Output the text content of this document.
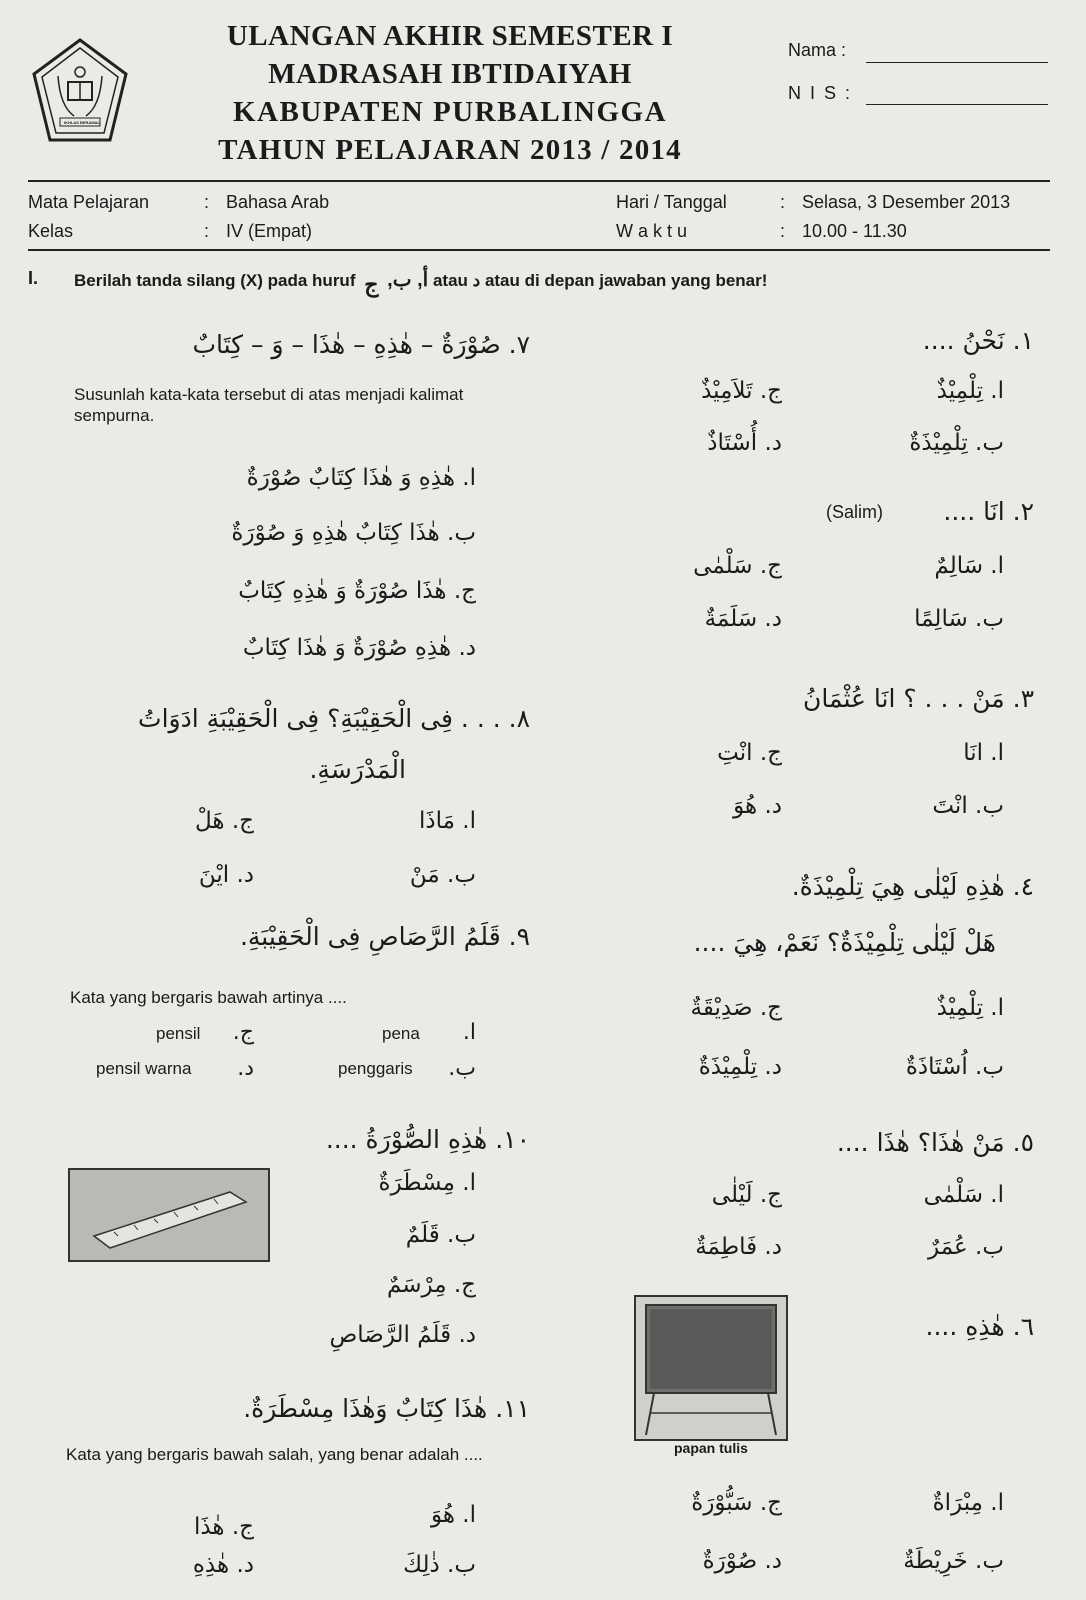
IKHLAS BERAMAL
ULANGAN AKHIR SEMESTER I
MADRASAH IBTIDAIYAH
KABUPATEN PURBALINGGA
TAHUN PELAJARAN 2013 / 2014
Nama :
N I S :
Mata Pelajaran	: Bahasa Arab
Kelas	: IV (Empat)
Hari / Tanggal	: Selasa, 3 Desember 2013
W a k t u	: 10.00 - 11.30
I. Berilah tanda silang (X) pada huruf أ, ب, ج	atau د atau di depan jawaban yang benar!
١. نَحْنُ ....
ا. تِلْمِيْذٌ
ج. تَلاَمِيْذٌ
ب. تِلْمِيْذَةٌ
د. أُسْتَاذٌ
٢. انَا ....
(Salim)
ا. سَالِمٌ
ج. سَلْمٰى
ب. سَالِمًا
د. سَلَمَةٌ
٣. مَنْ . . . ؟ انَا عُثْمَانُ
ا. انَا
ج. انْتِ
ب. انْتَ
د. هُوَ
٤. هٰذِهِ لَيْلٰى هِيَ تِلْمِيْذَةٌ.
هَلْ لَيْلٰى تِلْمِيْذَةٌ؟ نَعَمْ، هِيَ ....
ا. تِلْمِيْذٌ
ج. صَدِيْقَةٌ
ب. اُسْتَاذَةٌ
د. تِلْمِيْذَةٌ
٥. مَنْ هٰذَا؟ هٰذَا ....
ا. سَلْمٰى
ج. لَيْلٰى
ب. عُمَرٌ
د. فَاطِمَةٌ
٦. هٰذِهِ ....
papan tulis
ا. مِبْرَاةٌ
ج. سَبُّوْرَةٌ
ب. خَرِيْطَةٌ
د. صُوْرَةٌ
٧. صُوْرَةٌ – هٰذِهِ – هٰذَا – وَ – كِتَابٌ
Susunlah kata-kata tersebut di atas menjadi kalimat sempurna.
ا. هٰذِهِ وَ هٰذَا كِتَابٌ صُوْرَةٌ
ب. هٰذَا كِتَابٌ هٰذِهِ وَ صُوْرَةٌ
ج. هٰذَا صُوْرَةٌ وَ هٰذِهِ كِتَابٌ
د. هٰذِهِ صُوْرَةٌ وَ هٰذَا كِتَابٌ
٨. . . . فِى الْحَقِيْبَةِ؟ فِى الْحَقِيْبَةِ ادَوَاتُ
الْمَدْرَسَةِ.
ا. مَاذَا
ج. هَلْ
ب. مَنْ
د. ايْنَ
٩. قَلَمُ الرَّصَاصِ فِى الْحَقِيْبَةِ.
Kata yang bergaris bawah artinya ....
ا.
pena
ج.
pensil
ب.
penggaris
د.
pensil warna
١٠. هٰذِهِ الصُّوْرَةُ ....
ا. مِسْطَرَةٌ
ب. قَلَمٌ
ج. مِرْسَمٌ
د. قَلَمُ الرَّصَاصِ
١١. هٰذَا كِتَابٌ وَهٰذَا مِسْطَرَةٌ.
Kata yang bergaris bawah salah, yang benar adalah ....
ا. هُوَ
ج. هٰذَا
ب. ذٰلِكَ
د. هٰذِهِ
